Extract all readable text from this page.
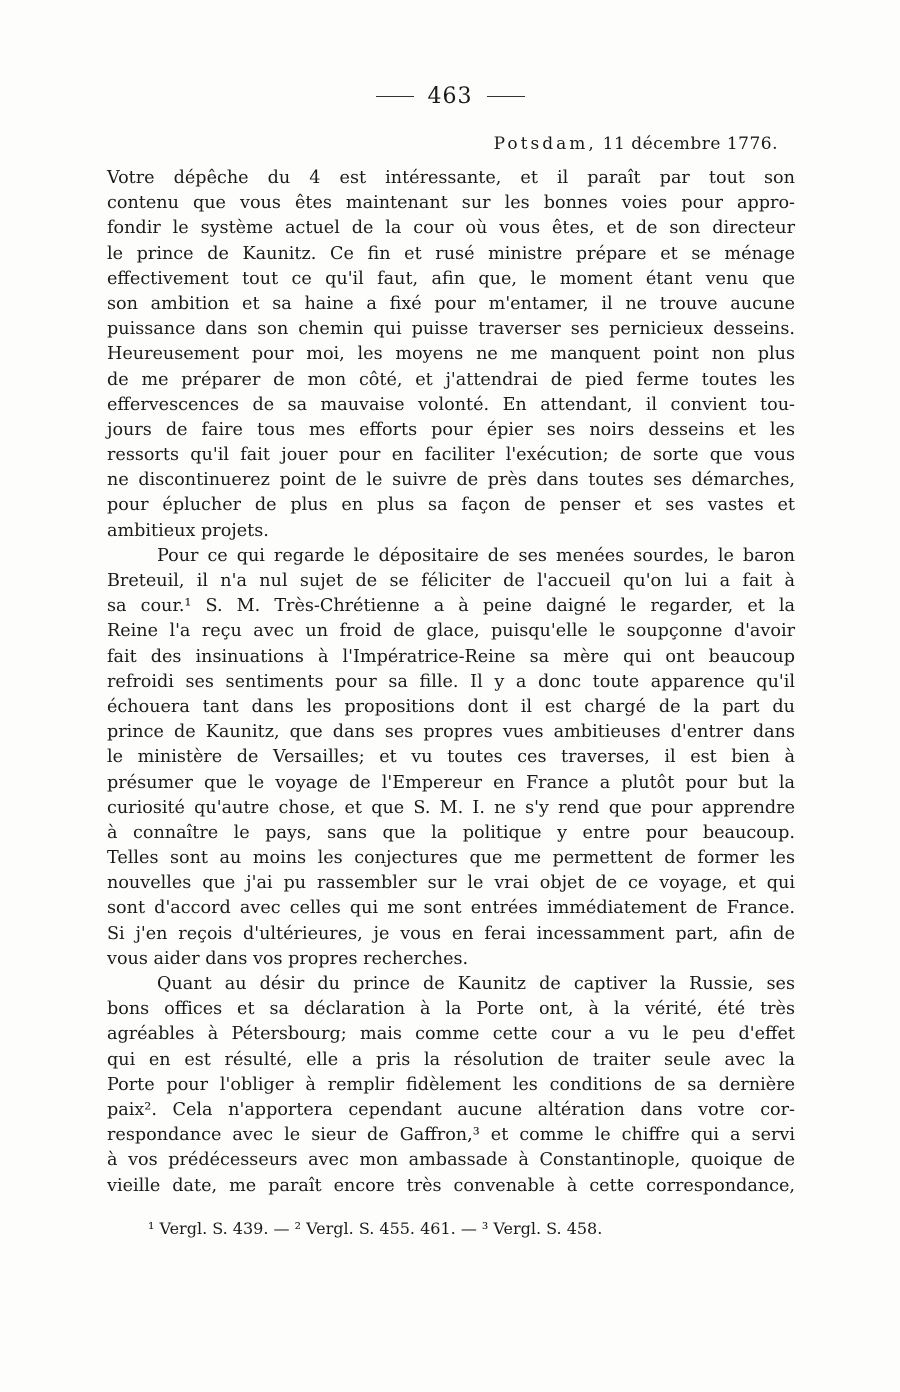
463
Potsdam, 11 décembre 1776.
Votre dépêche du 4 est intéressante, et il paraît par tout son
contenu que vous êtes maintenant sur les bonnes voies pour appro-
fondir le système actuel de la cour où vous êtes, et de son directeur
le prince de Kaunitz. Ce fin et rusé ministre prépare et se ménage
effectivement tout ce qu'il faut, afin que, le moment étant venu que
son ambition et sa haine a fixé pour m'entamer, il ne trouve aucune
puissance dans son chemin qui puisse traverser ses pernicieux desseins.
Heureusement pour moi, les moyens ne me manquent point non plus
de me préparer de mon côté, et j'attendrai de pied ferme toutes les
effervescences de sa mauvaise volonté. En attendant, il convient tou-
jours de faire tous mes efforts pour épier ses noirs desseins et les
ressorts qu'il fait jouer pour en faciliter l'exécution; de sorte que vous
ne discontinuerez point de le suivre de près dans toutes ses démarches,
pour éplucher de plus en plus sa façon de penser et ses vastes et
ambitieux projets.
Pour ce qui regarde le dépositaire de ses menées sourdes, le baron
Breteuil, il n'a nul sujet de se féliciter de l'accueil qu'on lui a fait à
sa cour.¹ S. M. Très-Chrétienne a à peine daigné le regarder, et la
Reine l'a reçu avec un froid de glace, puisqu'elle le soupçonne d'avoir
fait des insinuations à l'Impératrice-Reine sa mère qui ont beaucoup
refroidi ses sentiments pour sa fille. Il y a donc toute apparence qu'il
échouera tant dans les propositions dont il est chargé de la part du
prince de Kaunitz, que dans ses propres vues ambitieuses d'entrer dans
le ministère de Versailles; et vu toutes ces traverses, il est bien à
présumer que le voyage de l'Empereur en France a plutôt pour but la
curiosité qu'autre chose, et que S. M. I. ne s'y rend que pour apprendre
à connaître le pays, sans que la politique y entre pour beaucoup.
Telles sont au moins les conjectures que me permettent de former les
nouvelles que j'ai pu rassembler sur le vrai objet de ce voyage, et qui
sont d'accord avec celles qui me sont entrées immédiatement de France.
Si j'en reçois d'ultérieures, je vous en ferai incessamment part, afin de
vous aider dans vos propres recherches.
Quant au désir du prince de Kaunitz de captiver la Russie, ses
bons offices et sa déclaration à la Porte ont, à la vérité, été très
agréables à Pétersbourg; mais comme cette cour a vu le peu d'effet
qui en est résulté, elle a pris la résolution de traiter seule avec la
Porte pour l'obliger à remplir fidèlement les conditions de sa dernière
paix². Cela n'apportera cependant aucune altération dans votre cor-
respondance avec le sieur de Gaffron,³ et comme le chiffre qui a servi
à vos prédécesseurs avec mon ambassade à Constantinople, quoique de
vieille date, me paraît encore très convenable à cette correspondance,
¹ Vergl. S. 439. — ² Vergl. S. 455. 461. — ³ Vergl. S. 458.
